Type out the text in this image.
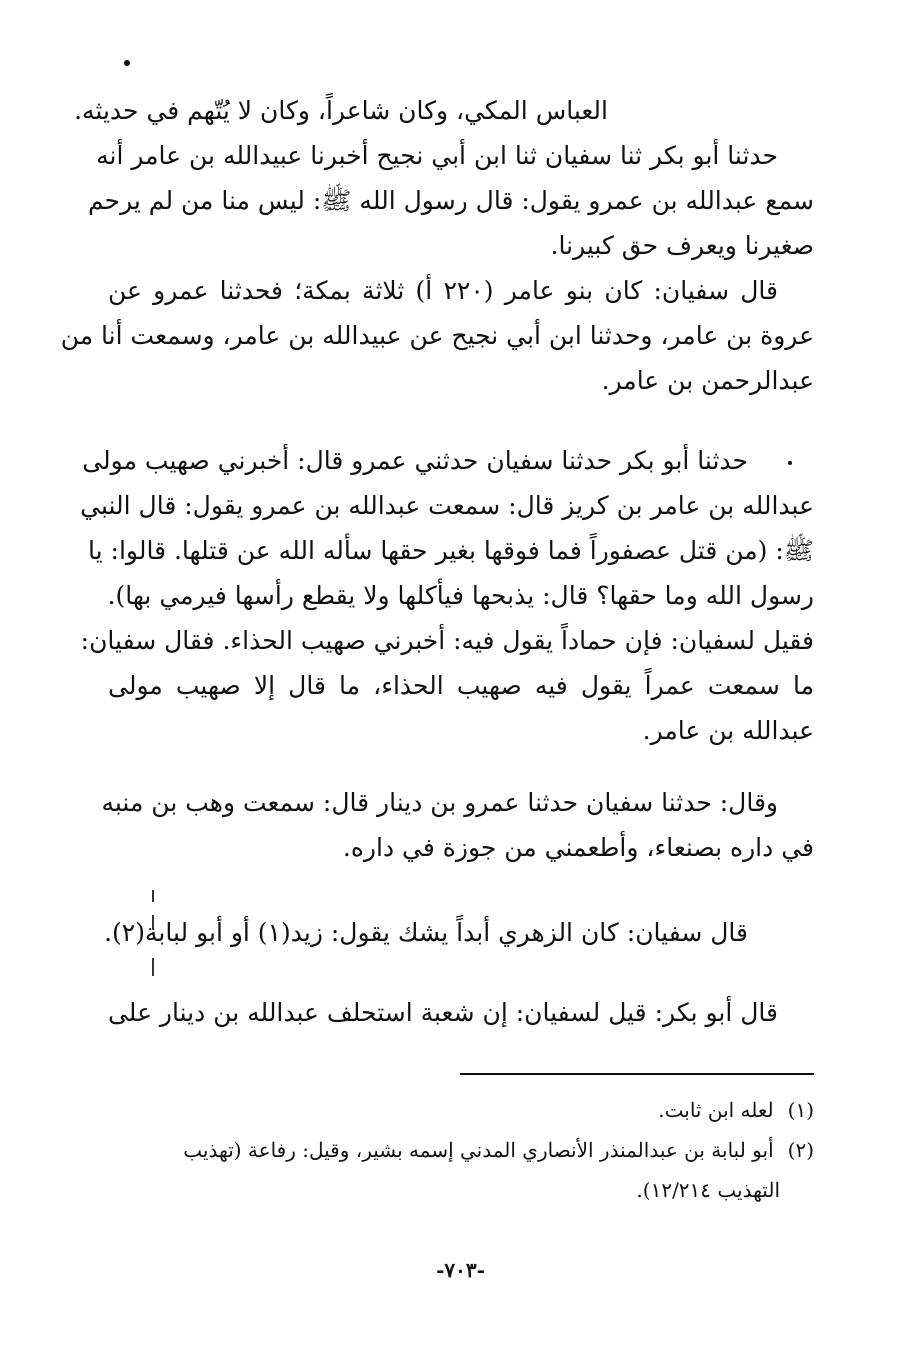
العباس المكي، وكان شاعراً، وكان لا يُتّهم في حديثه.
حدثنا أبو بكر ثنا سفيان ثنا ابن أبي نجيح أخبرنا عبيدالله بن عامر أنه
سمع عبدالله بن عمرو يقول: قال رسول الله ﷺ: ليس منا من لم يرحم
صغيرنا ويعرف حق كبيرنا.
قال سفيان: كان بنو عامر (٢٢٠ أ) ثلاثة بمكة؛ فحدثنا عمرو عن
عروة بن عامر، وحدثنا ابن أبي نجيح عن عبيدالله بن عامر، وسمعت أنا من
عبدالرحمن بن عامر.
حدثنا أبو بكر حدثنا سفيان حدثني عمرو قال: أخبرني صهيب مولى
عبدالله بن عامر بن كريز قال: سمعت عبدالله بن عمرو يقول: قال النبي
ﷺ: (من قتل عصفوراً فما فوقها بغير حقها سأله الله عن قتلها. قالوا: يا
رسول الله وما حقها؟ قال: يذبحها فيأكلها ولا يقطع رأسها فيرمي بها).
فقيل لسفيان: فإن حماداً يقول فيه: أخبرني صهيب الحذاء. فقال سفيان:
ما سمعت عمراً يقول فيه صهيب الحذاء، ما قال إلا صهيب مولى
عبدالله بن عامر.
وقال: حدثنا سفيان حدثنا عمرو بن دينار قال: سمعت وهب بن منبه
في داره بصنعاء، وأطعمني من جوزة في داره.
قال سفيان: كان الزهري أبداً يشك يقول: زيد(١) أو أبو لبابة(٢).
قال أبو بكر: قيل لسفيان: إن شعبة استحلف عبدالله بن دينار على
(١) لعله ابن ثابت.
(٢) أبو لبابة بن عبدالمنذر الأنصاري المدني إسمه بشير، وقيل: رفاعة (تهذيب
التهذيب ١٢/٢١٤).
-٧٠٣-
